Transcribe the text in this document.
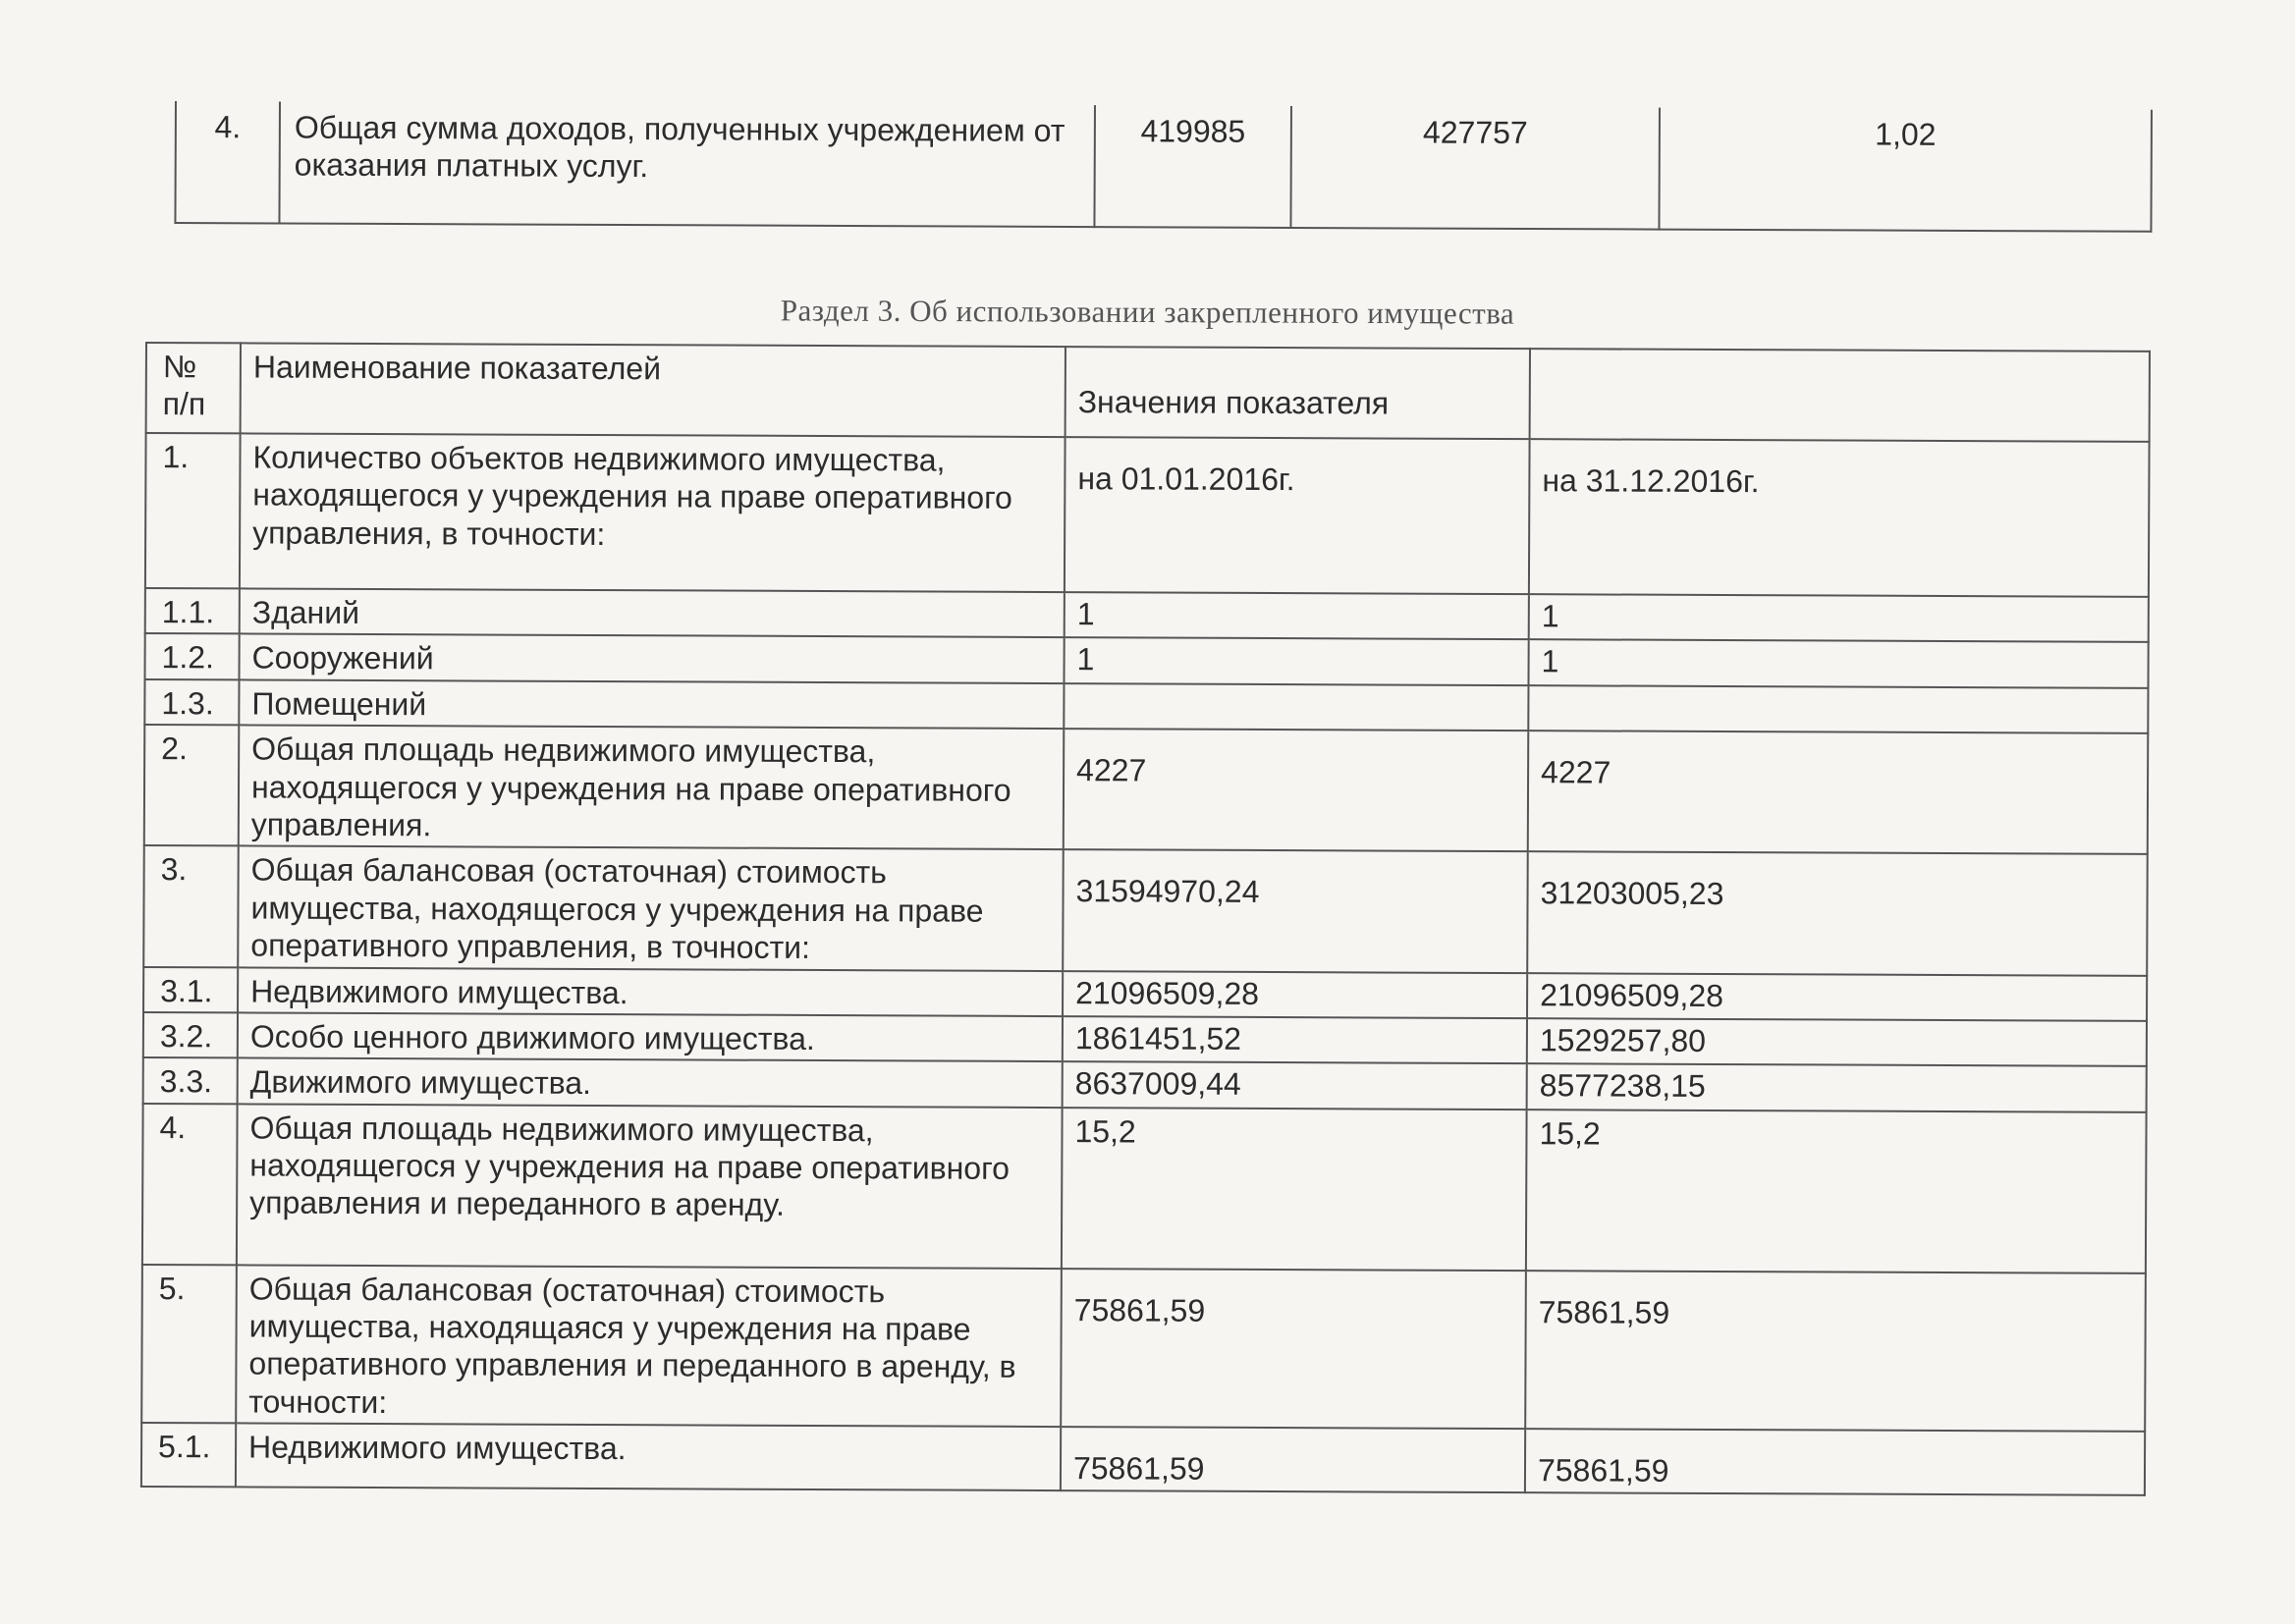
4.	Общая сумма доходов, полученных учреждением от оказания платных услуг.	419985	427757	1,02
Раздел 3. Об использовании закрепленного имущества
№ п/п	Наименование показателей	Значения показателя	
1.	Количество объектов недвижимого имущества, находящегося у учреждения на праве оперативного управления, в точности:	на 01.01.2016г.	на 31.12.2016г.
1.1.	Зданий	1	1
1.2.	Сооружений	1	1
1.3.	Помещений		
2.	Общая площадь недвижимого имущества, находящегося у учреждения на праве оперативного управления.	4227	4227
3.	Общая балансовая (остаточная) стоимость имущества, находящегося у учреждения на праве оперативного управления, в точности:	31594970,24	31203005,23
3.1.	Недвижимого имущества.	21096509,28	21096509,28
3.2.	Особо ценного движимого имущества.	1861451,52	1529257,80
3.3.	Движимого имущества.	8637009,44	8577238,15
4.	Общая площадь недвижимого имущества, находящегося у учреждения на праве оперативного управления и переданного в аренду.	15,2	15,2
5.	Общая балансовая (остаточная) стоимость имущества, находящаяся у учреждения на праве оперативного управления и переданного в аренду, в точности:	75861,59	75861,59
5.1.	Недвижимого имущества.	75861,59	75861,59
